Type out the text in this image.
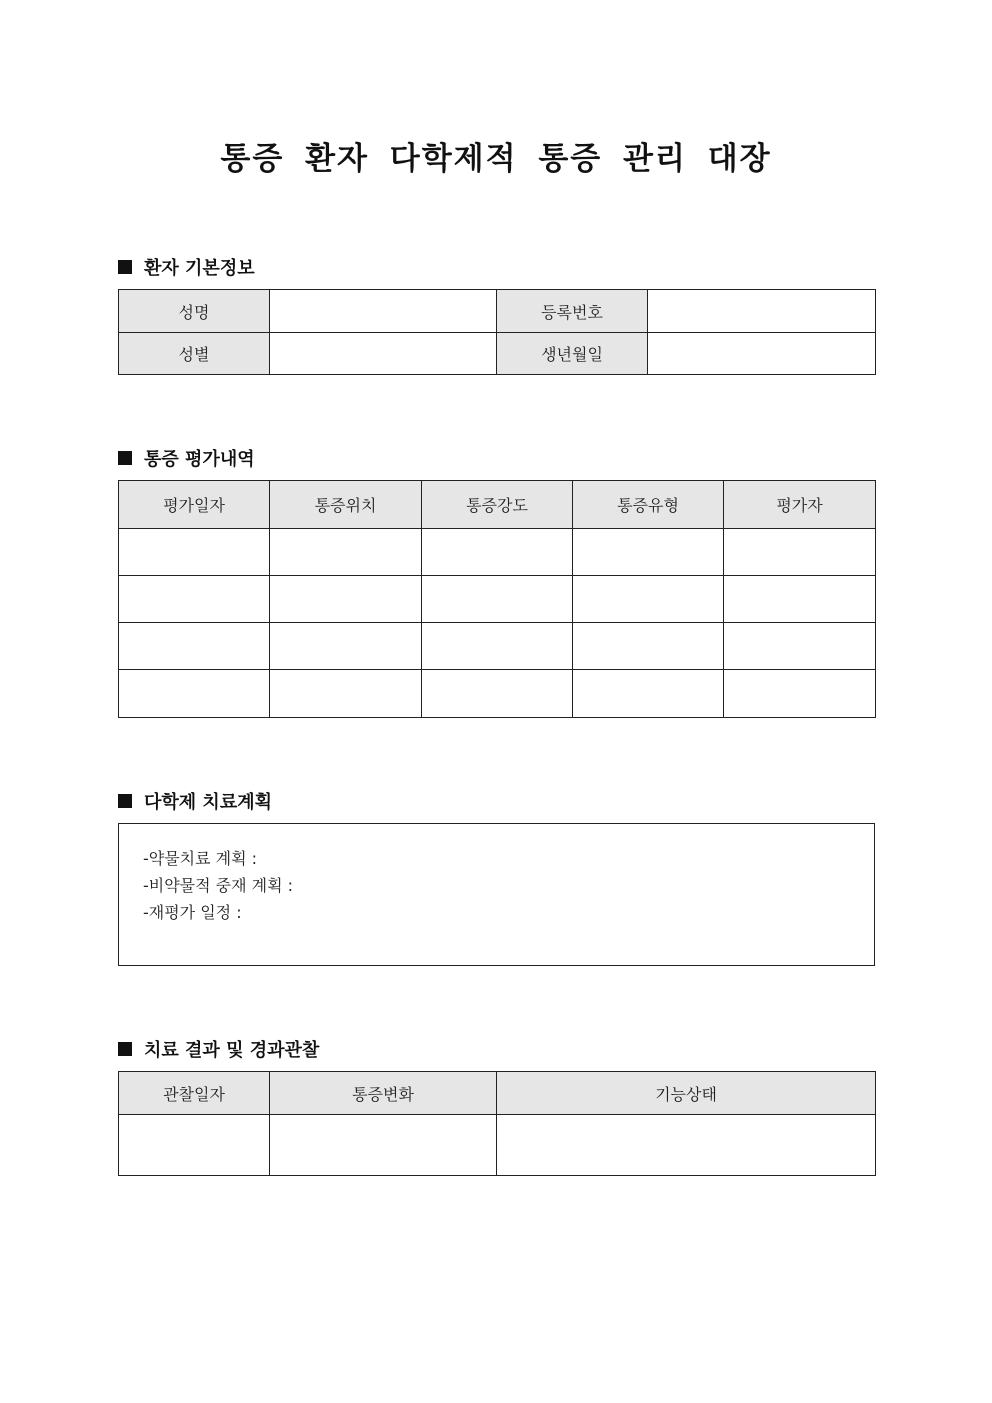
통증 환자 다학제적 통증 관리 대장
환자 기본정보
성명		등록번호	
성별		생년월일	
통증 평가내역
평가일자	통증위치	통증강도	통증유형	평가자

다학제 치료계획
-약물치료 계획 :
-비약물적 중재 계획 :
-재평가 일정 :
치료 결과 및 경과관찰
관찰일자	통증변화	기능상태
